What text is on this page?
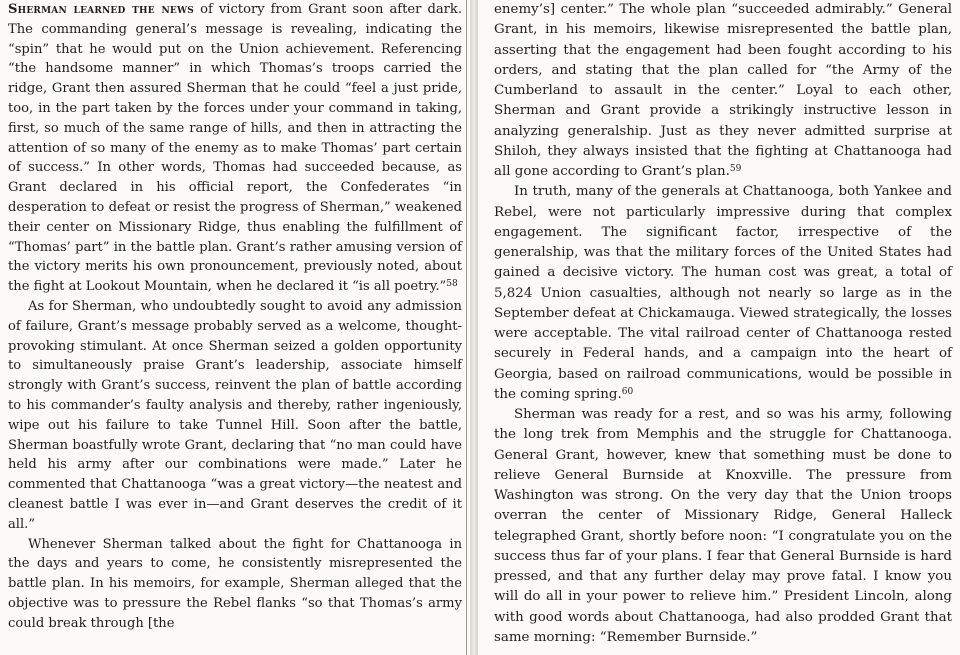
Sherman learned the news of victory from Grant soon after dark. The commanding general’s message is revealing, indicating the “spin” that he would put on the Union achievement. Referencing “the handsome manner” in which Thomas’s troops carried the ridge, Grant then assured Sherman that he could “feel a just pride, too, in the part taken by the forces under your command in taking, first, so much of the same range of hills, and then in attracting the attention of so many of the enemy as to make Thomas’ part certain of success.” In other words, Thomas had succeeded because, as Grant declared in his official report, the Confederates “in desperation to defeat or resist the progress of Sherman,” weakened their center on Missionary Ridge, thus enabling the fulfillment of “Thomas’ part” in the battle plan. Grant’s rather amusing version of the victory merits his own pronouncement, previously noted, about the fight at Lookout Mountain, when he declared it “is all poetry.”$^{58}$

As for Sherman, who undoubtedly sought to avoid any admission of failure, Grant’s message probably served as a welcome, thought-provoking stimulant. At once Sherman seized a golden opportunity to simultaneously praise Grant’s leadership, associate himself strongly with Grant’s success, reinvent the plan of battle according to his commander’s faulty analysis and thereby, rather ingeniously, wipe out his failure to take Tunnel Hill. Soon after the battle, Sherman boastfully wrote Grant, declaring that “no man could have held his army after our combinations were made.” Later he commented that Chattanooga “was a great victory—the neatest and cleanest battle I was ever in—and Grant deserves the credit of it all.”

Whenever Sherman talked about the fight for Chattanooga in the days and years to come, he consistently misrepresented the battle plan. In his memoirs, for example, Sherman alleged that the objective was to pressure the Rebel flanks “so that Thomas’s army could break through [the

enemy’s] center.” The whole plan “succeeded admirably.” General Grant, in his memoirs, likewise misrepresented the battle plan, asserting that the engagement had been fought according to his orders, and stating that the plan called for “the Army of the Cumberland to assault in the center.” Loyal to each other, Sherman and Grant provide a strikingly instructive lesson in analyzing generalship. Just as they never admitted surprise at Shiloh, they always insisted that the fighting at Chattanooga had all gone according to Grant’s plan.$^{59}$

In truth, many of the generals at Chattanooga, both Yankee and Rebel, were not particularly impressive during that complex engagement. The significant factor, irrespective of the generalship, was that the military forces of the United States had gained a decisive victory. The human cost was great, a total of 5,824 Union casualties, although not nearly so large as in the September defeat at Chickamauga. Viewed strategically, the losses were acceptable. The vital railroad center of Chattanooga rested securely in Federal hands, and a campaign into the heart of Georgia, based on railroad communications, would be possible in the coming spring.$^{60}$

Sherman was ready for a rest, and so was his army, following the long trek from Memphis and the struggle for Chattanooga. General Grant, however, knew that something must be done to relieve General Burnside at Knoxville. The pressure from Washington was strong. On the very day that the Union troops overran the center of Missionary Ridge, General Halleck telegraphed Grant, shortly before noon: “I congratulate you on the success thus far of your plans. I fear that General Burnside is hard pressed, and that any further delay may prove fatal. I know you will do all in your power to relieve him.” President Lincoln, along with good words about Chattanooga, had also prodded Grant that same morning: “Remember Burnside.”
